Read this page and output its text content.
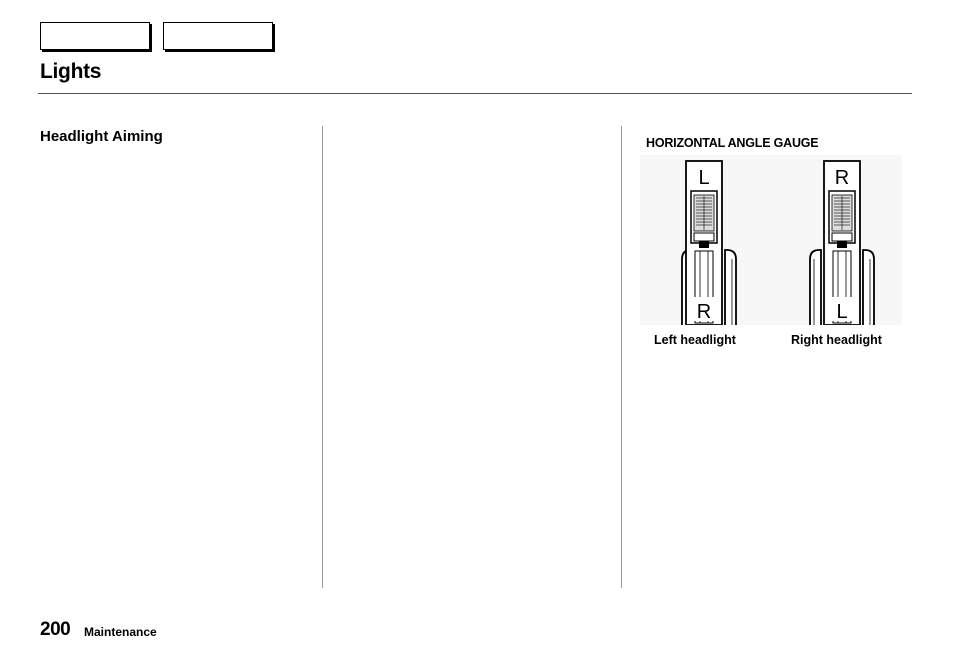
Lights
Headlight Aiming	HORIZONTAL ANGLE GAUGE
L
R
R
L
Left headlight	Right headlight
200 Maintenance
